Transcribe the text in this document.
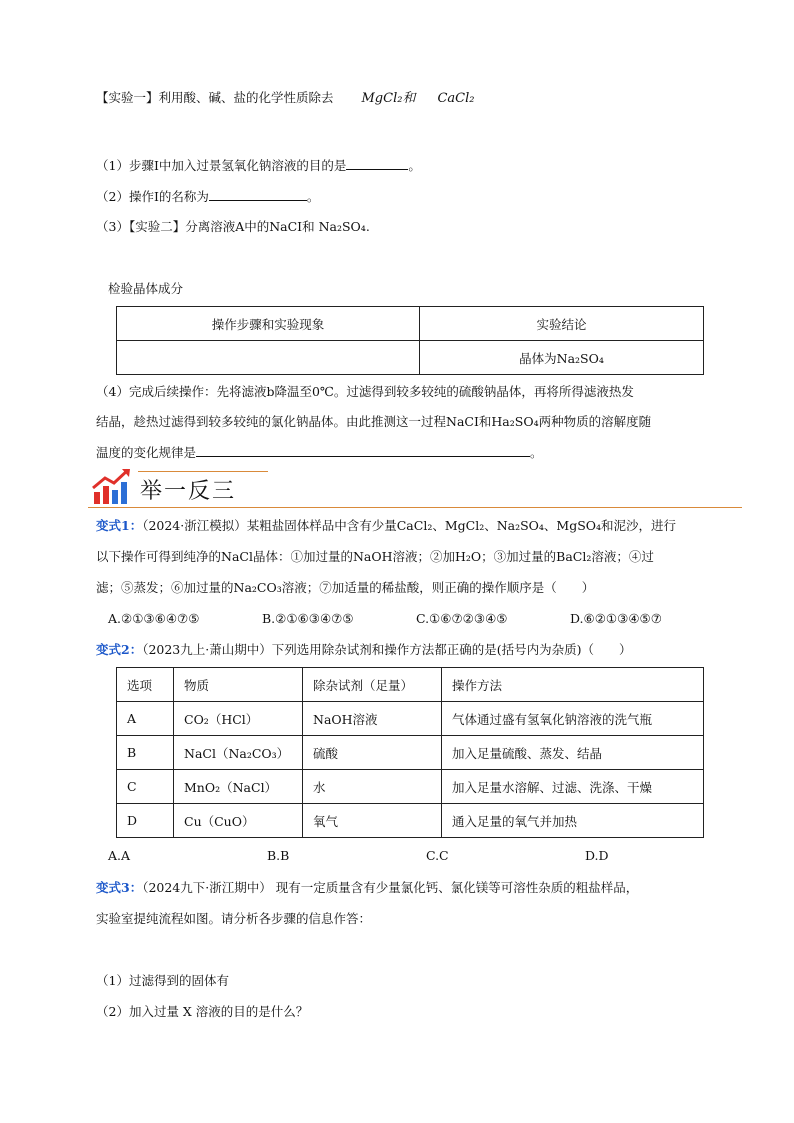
【实验一】利用酸、碱、盐的化学性质除去 MgCl₂和 CaCl₂
（1）步骤Ⅰ中加入过景氢氧化钠溶液的目的是	。
（2）操作Ⅰ的名称为	。
（3）【实验二】分离溶液A中的NaCI和 Na₂SO₄.
检验晶体成分
操作步骤和实验现象	实验结论
	晶体为Na₂SO₄
（4）完成后续操作：先将滤液b降温至0℃。过滤得到较多较纯的硫酸钠晶体，再将所得滤液热发
结晶，趁热过滤得到较多较纯的氯化钠晶体。由此推测这一过程NaCI和Ha₂SO₄两种物质的溶解度随
温度的变化规律是	。
举一反三
变式1：（2024·浙江模拟）某粗盐固体样品中含有少量CaCl₂、MgCl₂、Na₂SO₄、MgSO₄和泥沙，进行
以下操作可得到纯净的NaCl晶体：①加过量的NaOH溶液；②加H₂O；③加过量的BaCl₂溶液；④过
滤；⑤蒸发；⑥加过量的Na₂CO₃溶液；⑦加适量的稀盐酸，则正确的操作顺序是（　　）
A.②①③⑥④⑦⑤	B.②①⑥③④⑦⑤	C.①⑥⑦②③④⑤	D.⑥②①③④⑤⑦
变式2：（2023九上·萧山期中）下列选用除杂试剂和操作方法都正确的是(括号内为杂质)（　　）
选项	物质	除杂试剂（足量）	操作方法
A	CO₂（HCl）	NaOH溶液	气体通过盛有氢氧化钠溶液的洗气瓶
B	NaCl（Na₂CO₃）	硫酸	加入足量硫酸、蒸发、结晶
C	MnO₂（NaCl）	水	加入足量水溶解、过滤、洗涤、干燥
D	Cu（CuO）	氧气	通入足量的氧气并加热
A.A	B.B	C.C	D.D
变式3：（2024九下·浙江期中） 现有一定质量含有少量氯化钙、氯化镁等可溶性杂质的粗盐样品，
实验室提纯流程如图。请分析各步骤的信息作答：
（1）过滤得到的固体有
（2）加入过量 X 溶液的目的是什么？
